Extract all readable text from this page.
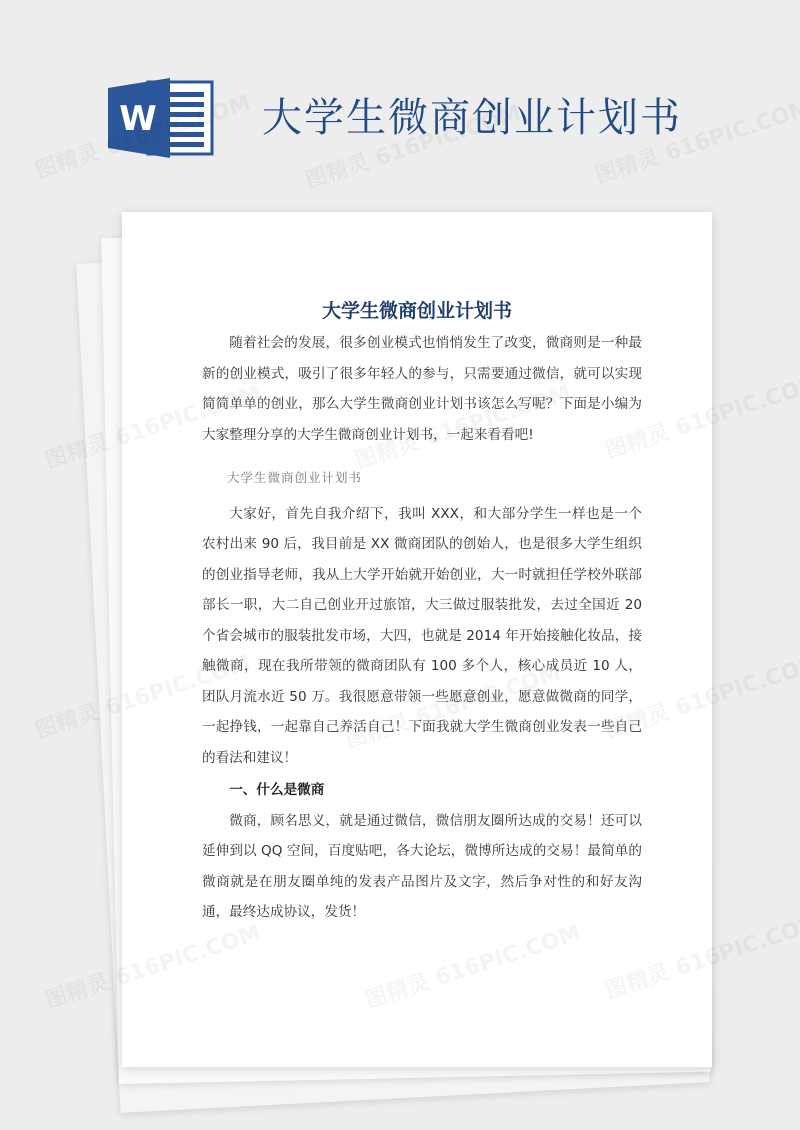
W	大学生微商创业计划书
大学生微商创业计划书

随着社会的发展，很多创业模式也悄悄发生了改变，微商则是一种最新的创业模式，吸引了很多年轻人的参与，只需要通过微信，就可以实现简简单单的创业，那么大学生微商创业计划书该怎么写呢？下面是小编为大家整理分享的大学生微商创业计划书，一起来看看吧!

大学生微商创业计划书

大家好，首先自我介绍下，我叫 XXX，和大部分学生一样也是一个农村出来 90 后，我目前是 XX 微商团队的创始人，也是很多大学生组织的创业指导老师，我从上大学开始就开始创业，大一时就担任学校外联部部长一职，大二自己创业开过旅馆，大三做过服装批发，去过全国近 20 个省会城市的服装批发市场，大四，也就是 2014 年开始接触化妆品，接触微商，现在我所带领的微商团队有 100 多个人，核心成员近 10 人，团队月流水近 50 万。我很愿意带领一些愿意创业，愿意做微商的同学，一起挣钱，一起靠自己养活自己！下面我就大学生微商创业发表一些自己的看法和建议！

一、什么是微商

微商，顾名思义，就是通过微信，微信朋友圈所达成的交易！还可以延伸到以 QQ 空间，百度贴吧，各大论坛，微博所达成的交易！最简单的微商就是在朋友圈单纯的发表产品图片及文字，然后争对性的和好友沟通，最终达成协议，发货！
